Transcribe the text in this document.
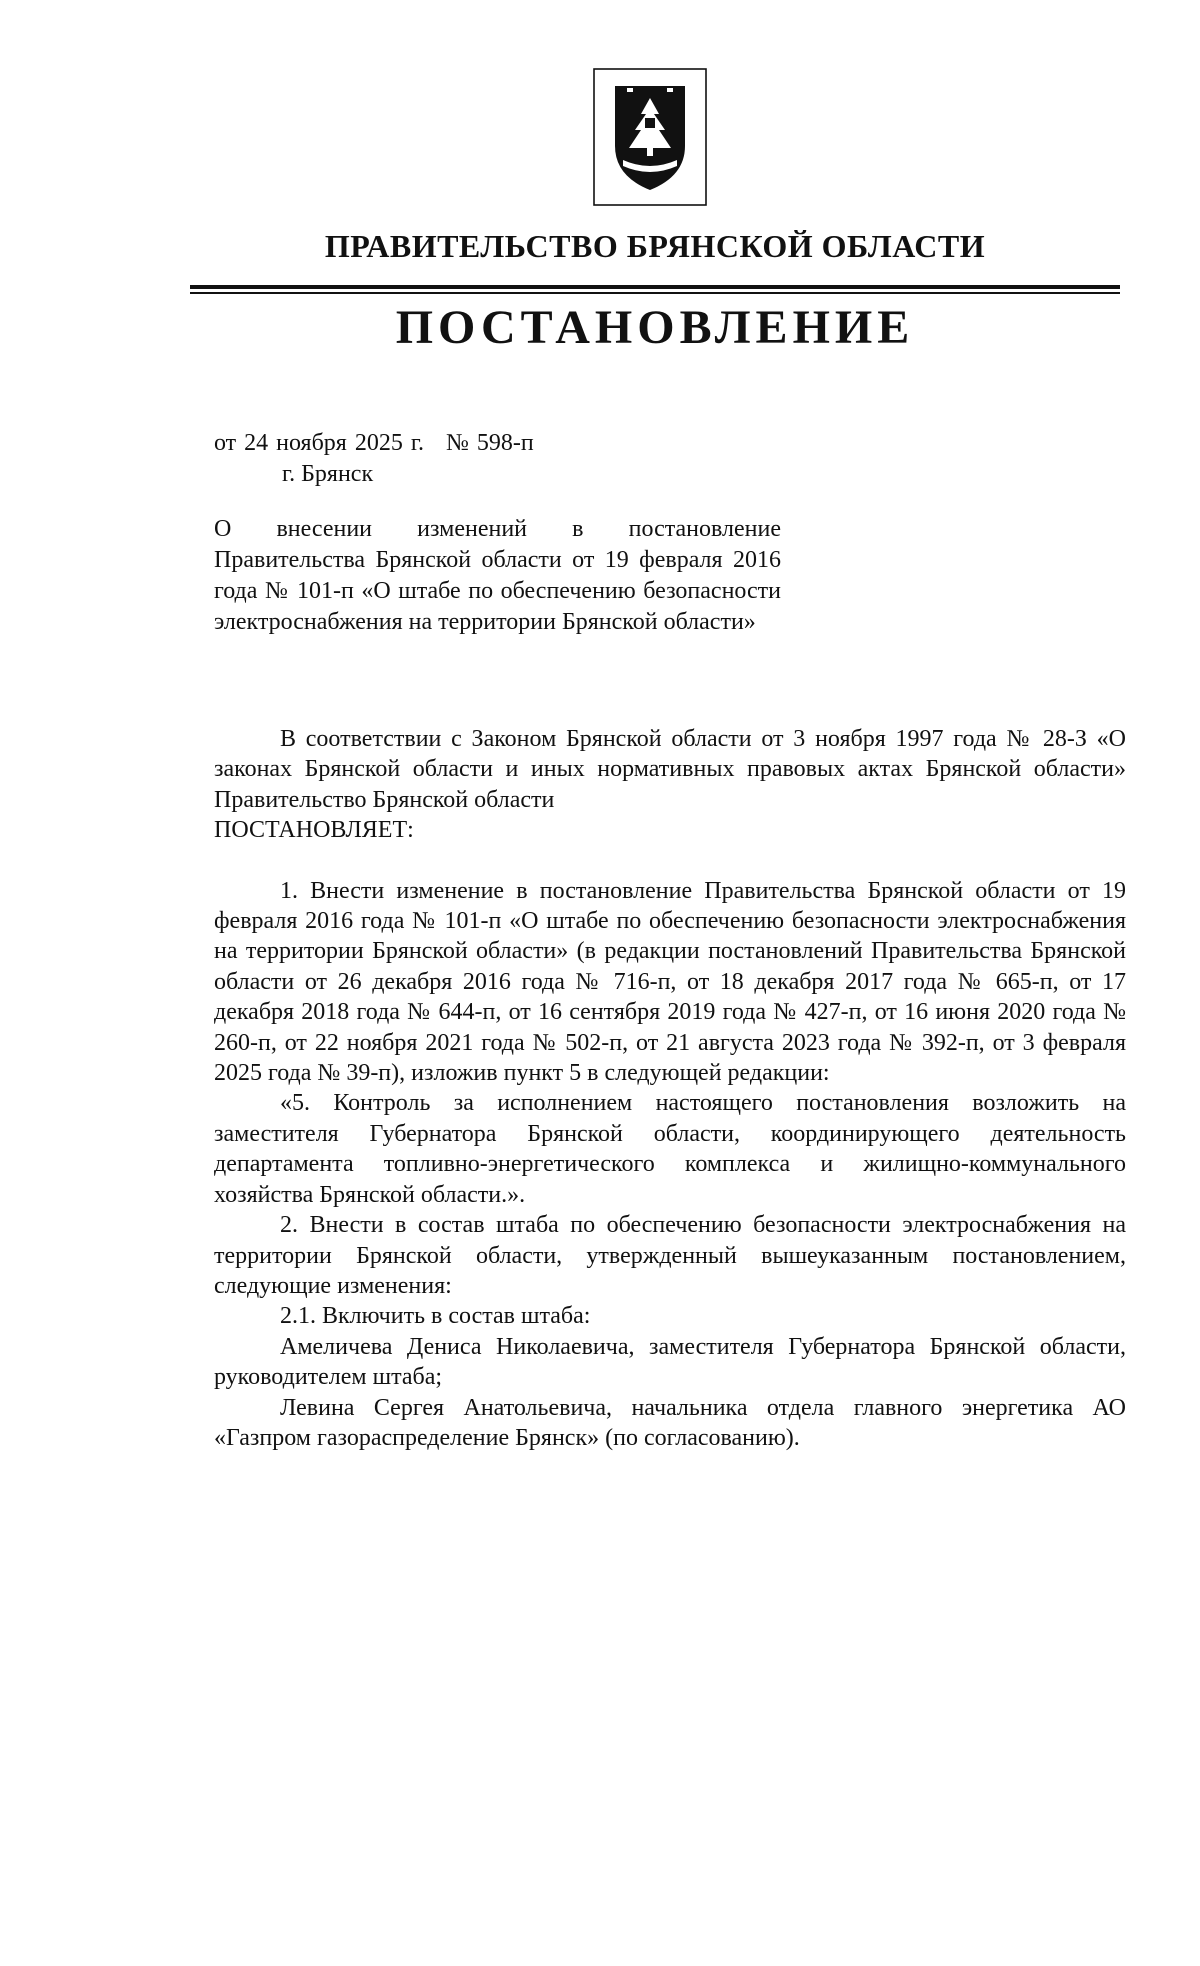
ПРАВИТЕЛЬСТВО БРЯНСКОЙ ОБЛАСТИ
ПОСТАНОВЛЕНИЕ
от 24 ноября 2025 г. № 598-п
г. Брянск
О внесении изменений в постановление Правительства Брянской области от 19 февраля 2016 года № 101-п «О штабе по обеспечению безопасности электроснабжения на территории Брянской области»

В соответствии с Законом Брянской области от 3 ноября 1997 года № 28-З «О законах Брянской области и иных нормативных правовых актах Брянской области» Правительство Брянской области

ПОСТАНОВЛЯЕТ:

1. Внести изменение в постановление Правительства Брянской области от 19 февраля 2016 года № 101-п «О штабе по обеспечению безопасности электроснабжения на территории Брянской области» (в редакции постановлений Правительства Брянской области от 26 декабря 2016 года № 716-п, от 18 декабря 2017 года № 665-п, от 17 декабря 2018 года № 644-п, от 16 сентября 2019 года № 427-п, от 16 июня 2020 года № 260-п, от 22 ноября 2021 года № 502-п, от 21 августа 2023 года № 392-п, от 3 февраля 2025 года № 39-п), изложив пункт 5 в следующей редакции:

«5. Контроль за исполнением настоящего постановления возложить на заместителя Губернатора Брянской области, координирующего деятельность департамента топливно-энергетического комплекса и жилищно-коммунального хозяйства Брянской области.».

2. Внести в состав штаба по обеспечению безопасности электроснабжения на территории Брянской области, утвержденный вышеуказанным постановлением, следующие изменения:

2.1. Включить в состав штаба:

Амеличева Дениса Николаевича, заместителя Губернатора Брянской области, руководителем штаба;

Левина Сергея Анатольевича, начальника отдела главного энергетика АО «Газпром газораспределение Брянск» (по согласованию).
